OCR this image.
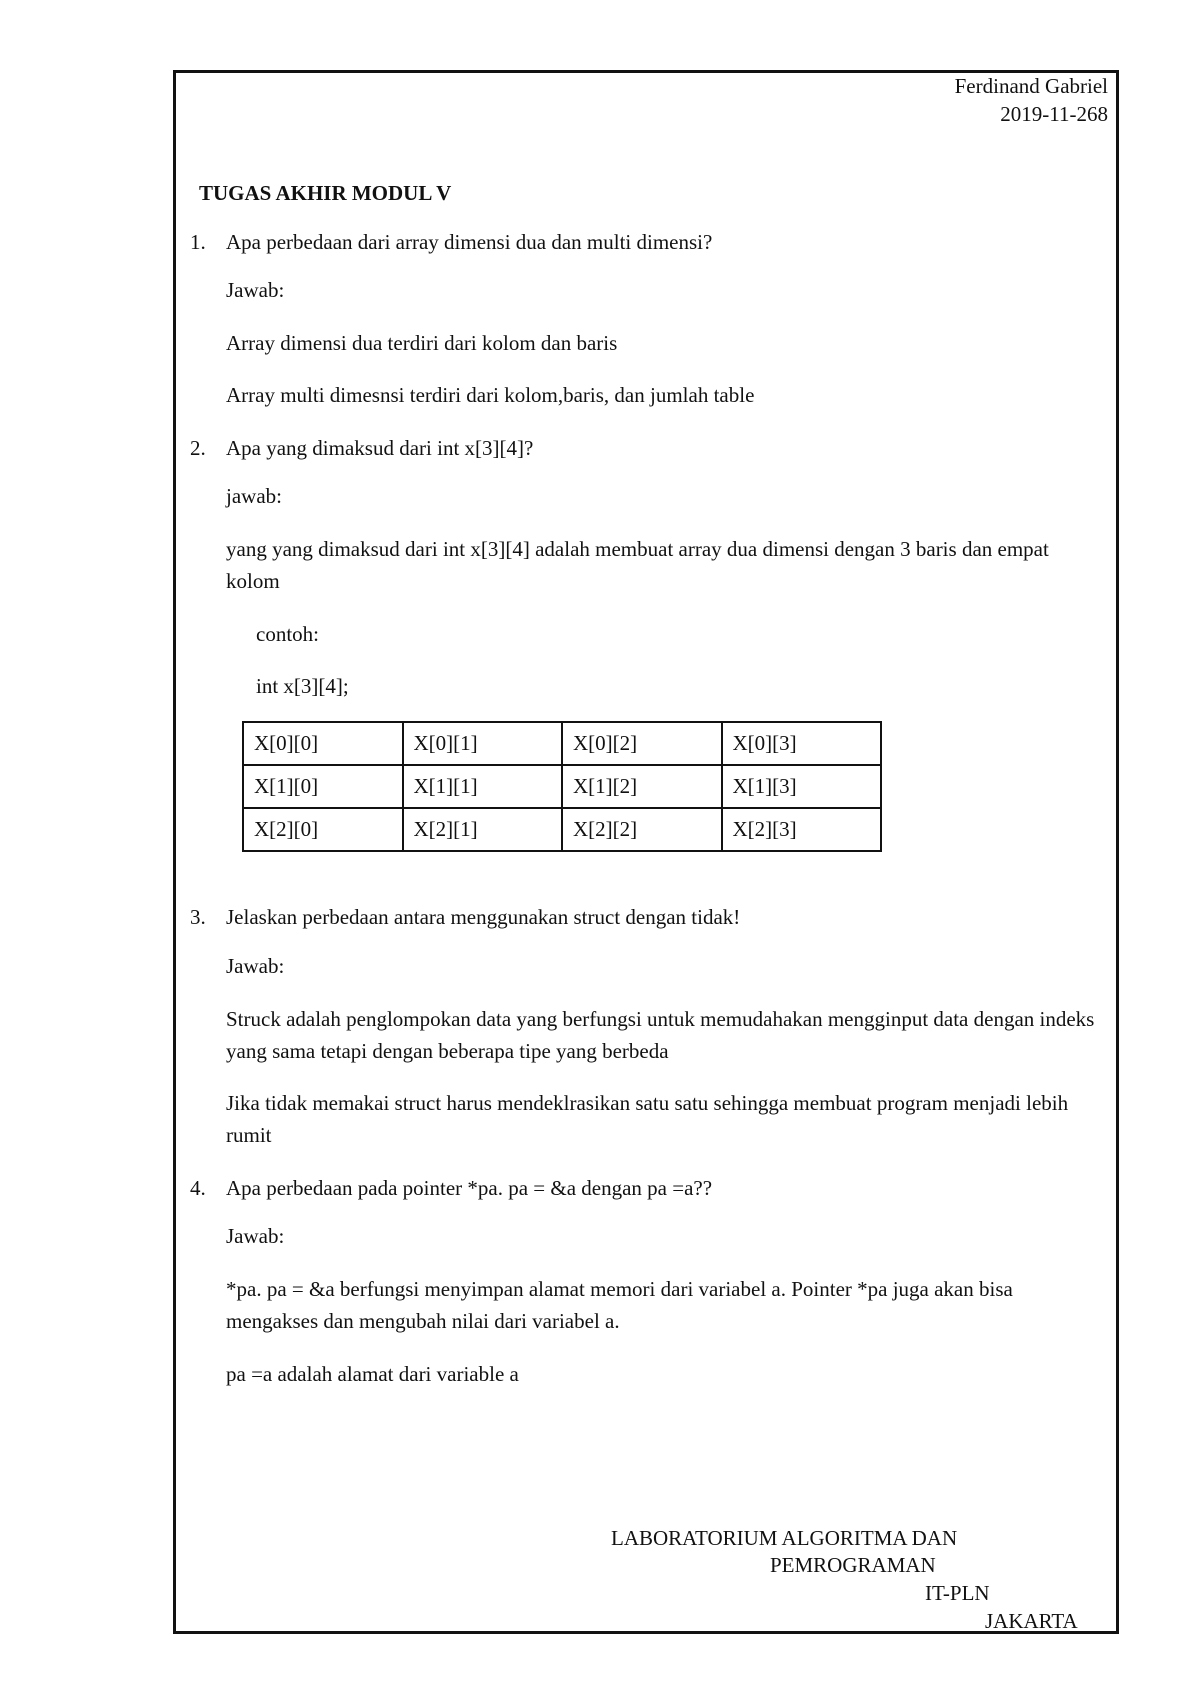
Ferdinand Gabriel
2019-11-268
TUGAS AKHIR MODUL V
1. Apa perbedaan dari array dimensi dua dan multi dimensi?
Jawab:
Array dimensi dua terdiri dari kolom dan baris
Array multi dimesnsi terdiri dari kolom,baris, dan jumlah table
2. Apa yang dimaksud dari int x[3][4]?
jawab:
yang yang dimaksud dari int x[3][4] adalah membuat array dua dimensi dengan 3 baris dan empat kolom
contoh:
int x[3][4];
X[0][0]	X[0][1]	X[0][2]	X[0][3]
X[1][0]	X[1][1]	X[1][2]	X[1][3]
X[2][0]	X[2][1]	X[2][2]	X[2][3]
3. Jelaskan perbedaan antara menggunakan struct dengan tidak!
Jawab:
Struck adalah penglompokan data yang berfungsi untuk memudahakan mengginput data dengan indeks yang sama tetapi dengan beberapa tipe yang berbeda
Jika tidak memakai struct harus mendeklrasikan satu satu sehingga membuat program menjadi lebih rumit
4. Apa perbedaan pada pointer *pa. pa = &a dengan pa =a??
Jawab:
*pa. pa = &a berfungsi menyimpan alamat memori dari variabel a. Pointer *pa juga akan bisa mengakses dan mengubah nilai dari variabel a.
pa =a adalah alamat dari variable a
LABORATORIUM ALGORITMA DAN
PEMROGRAMAN
IT-PLN
JAKARTA
